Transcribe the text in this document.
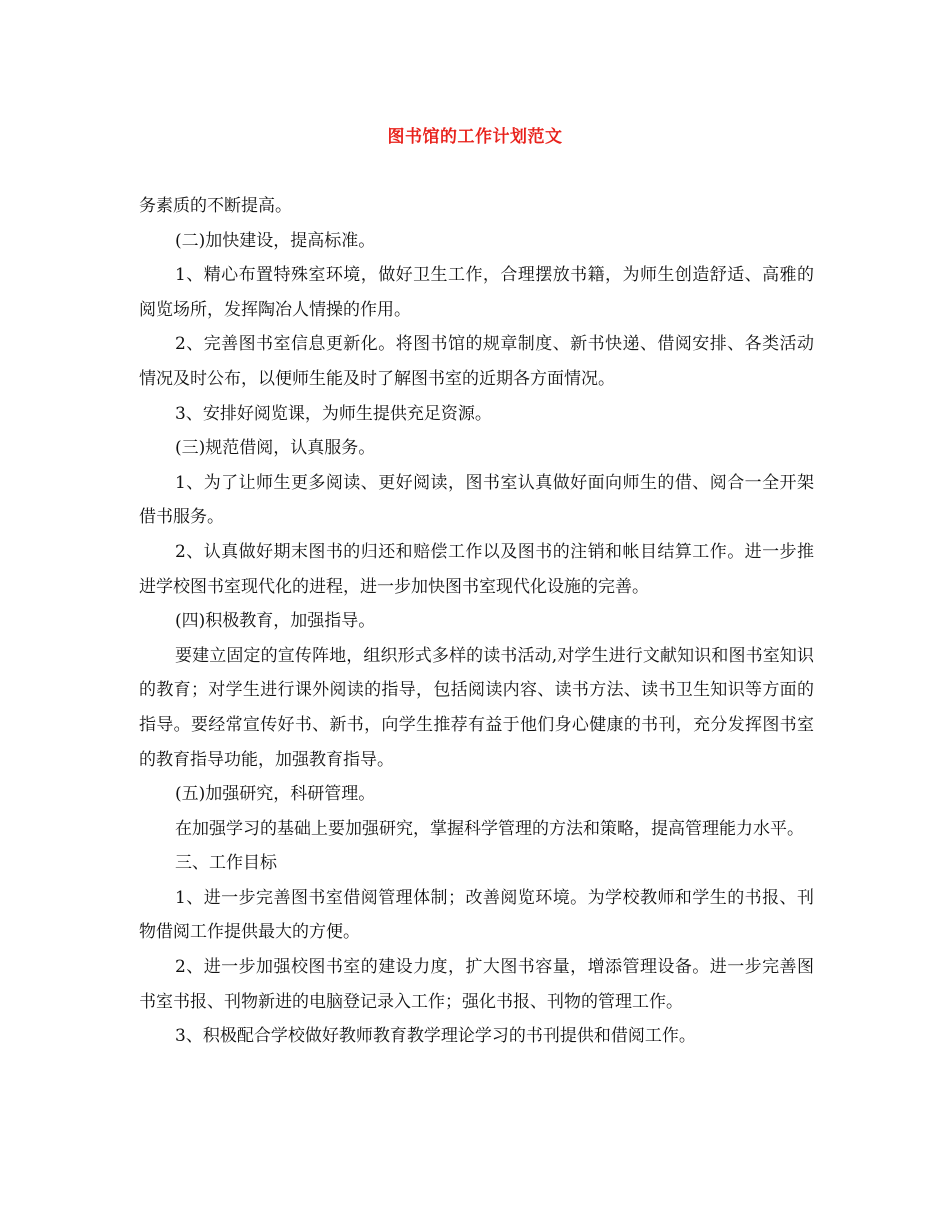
图书馆的工作计划范文

务素质的不断提高。

(二)加快建设，提高标准。

1、精心布置特殊室环境，做好卫生工作，合理摆放书籍，为师生创造舒适、高雅的阅览场所，发挥陶冶人情操的作用。

2、完善图书室信息更新化。将图书馆的规章制度、新书快递、借阅安排、各类活动情况及时公布，以便师生能及时了解图书室的近期各方面情况。

3、安排好阅览课，为师生提供充足资源。

(三)规范借阅，认真服务。

1、为了让师生更多阅读、更好阅读，图书室认真做好面向师生的借、阅合一全开架借书服务。

2、认真做好期末图书的归还和赔偿工作以及图书的注销和帐目结算工作。进一步推进学校图书室现代化的进程，进一步加快图书室现代化设施的完善。

(四)积极教育，加强指导。

要建立固定的宣传阵地，组织形式多样的读书活动,对学生进行文献知识和图书室知识的教育；对学生进行课外阅读的指导，包括阅读内容、读书方法、读书卫生知识等方面的指导。要经常宣传好书、新书，向学生推荐有益于他们身心健康的书刊，充分发挥图书室的教育指导功能，加强教育指导。

(五)加强研究，科研管理。

在加强学习的基础上要加强研究，掌握科学管理的方法和策略，提高管理能力水平。

三、工作目标

1、进一步完善图书室借阅管理体制；改善阅览环境。为学校教师和学生的书报、刊物借阅工作提供最大的方便。

2、进一步加强校图书室的建设力度，扩大图书容量，增添管理设备。进一步完善图书室书报、刊物新进的电脑登记录入工作；强化书报、刊物的管理工作。

3、积极配合学校做好教师教育教学理论学习的书刊提供和借阅工作。
